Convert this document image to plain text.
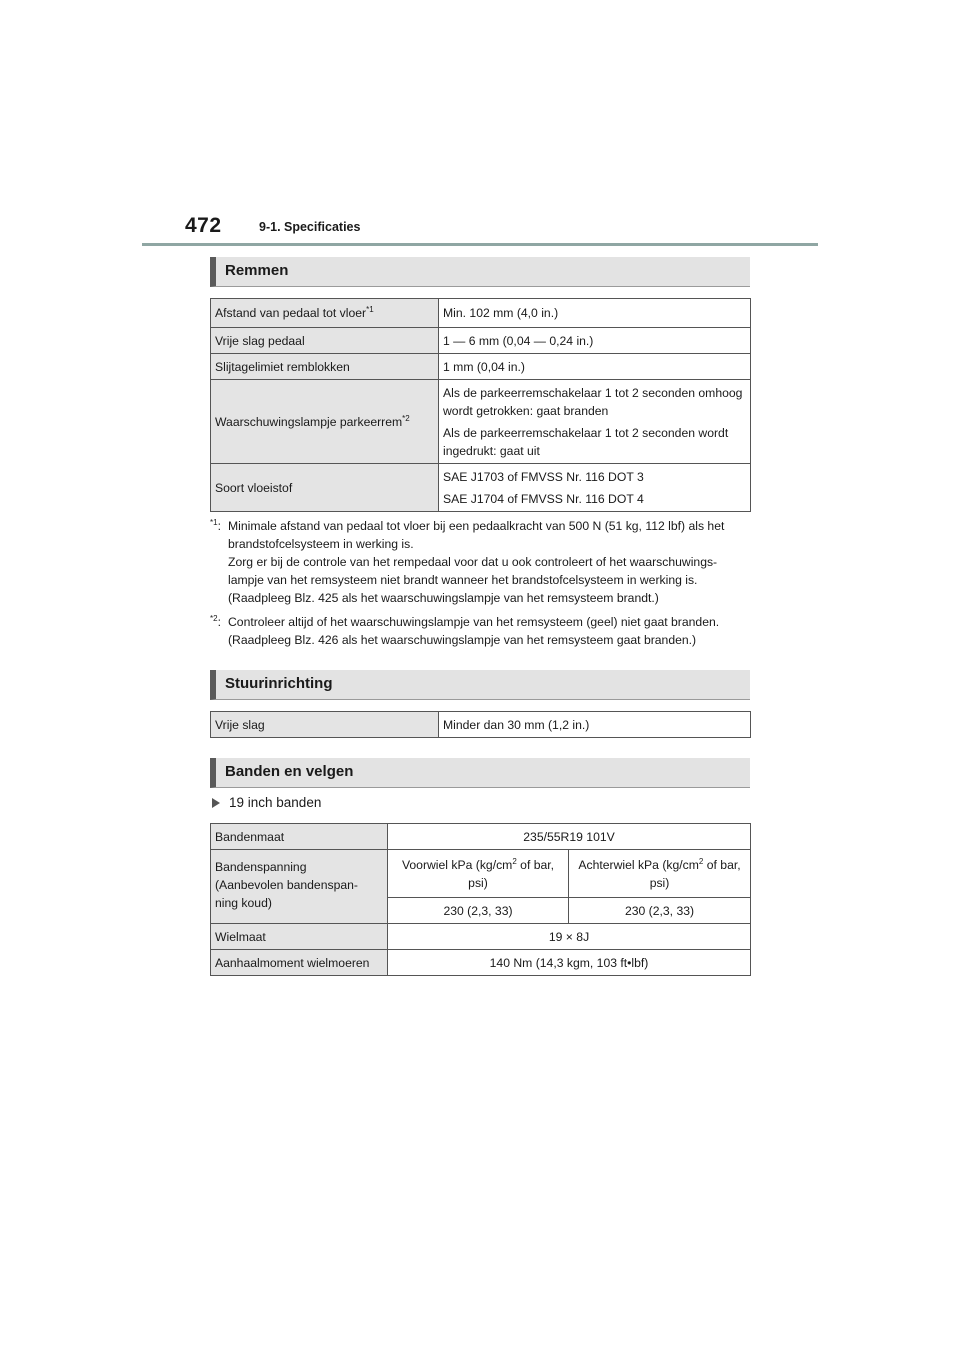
472	9-1. Specificaties
Remmen
Afstand van pedaal tot vloer$^{*1}$	Min. 102 mm (4,0 in.)
Vrije slag pedaal	1 — 6 mm (0,04 — 0,24 in.)
Slijtagelimiet remblokken	1 mm (0,04 in.)
Waarschuwingslampje parkeerrem$^{*2}$	Als de parkeerremschakelaar 1 tot 2 seconden omhoog wordt getrokken: gaat branden

Als de parkeerremschakelaar 1 tot 2 seconden wordt ingedrukt: gaat uit

Soort vloeistof	SAE J1703 of FMVSS Nr. 116 DOT 3

SAE J1704 of FMVSS Nr. 116 DOT 4

$^{*1}$: Minimale afstand van pedaal tot vloer bij een pedaalkracht van 500 N (51 kg, 112 lbf) als het brandstofcelsysteem in werking is.
Zorg er bij de controle van het rempedaal voor dat u ook controleert of het waarschuwings-lampje van het remsysteem niet brandt wanneer het brandstofcelsysteem in werking is.
(Raadpleeg Blz. 425 als het waarschuwingslampje van het remsysteem brandt.)
$^{*2}$: Controleer altijd of het waarschuwingslampje van het remsysteem (geel) niet gaat branden.
(Raadpleeg Blz. 426 als het waarschuwingslampje van het remsysteem gaat branden.)
Stuurinrichting
Vrije slag	Minder dan 30 mm (1,2 in.)
Banden en velgen
19 inch banden
Bandenmaat	235/55R19 101V	

Bandenspanning
(Aanbevolen bandenspan-
ning koud)	Voorwiel kPa ($kg/cm^2$ of bar, psi)	Achterwiel kPa ($kg/cm^2$ of bar, psi)
	230 (2,3, 33)	230 (2,3, 33)
Wielmaat	19 × 8J	
Aanhaalmoment wielmoeren	140 Nm (14,3 kgm, 103 ft•lbf)	
